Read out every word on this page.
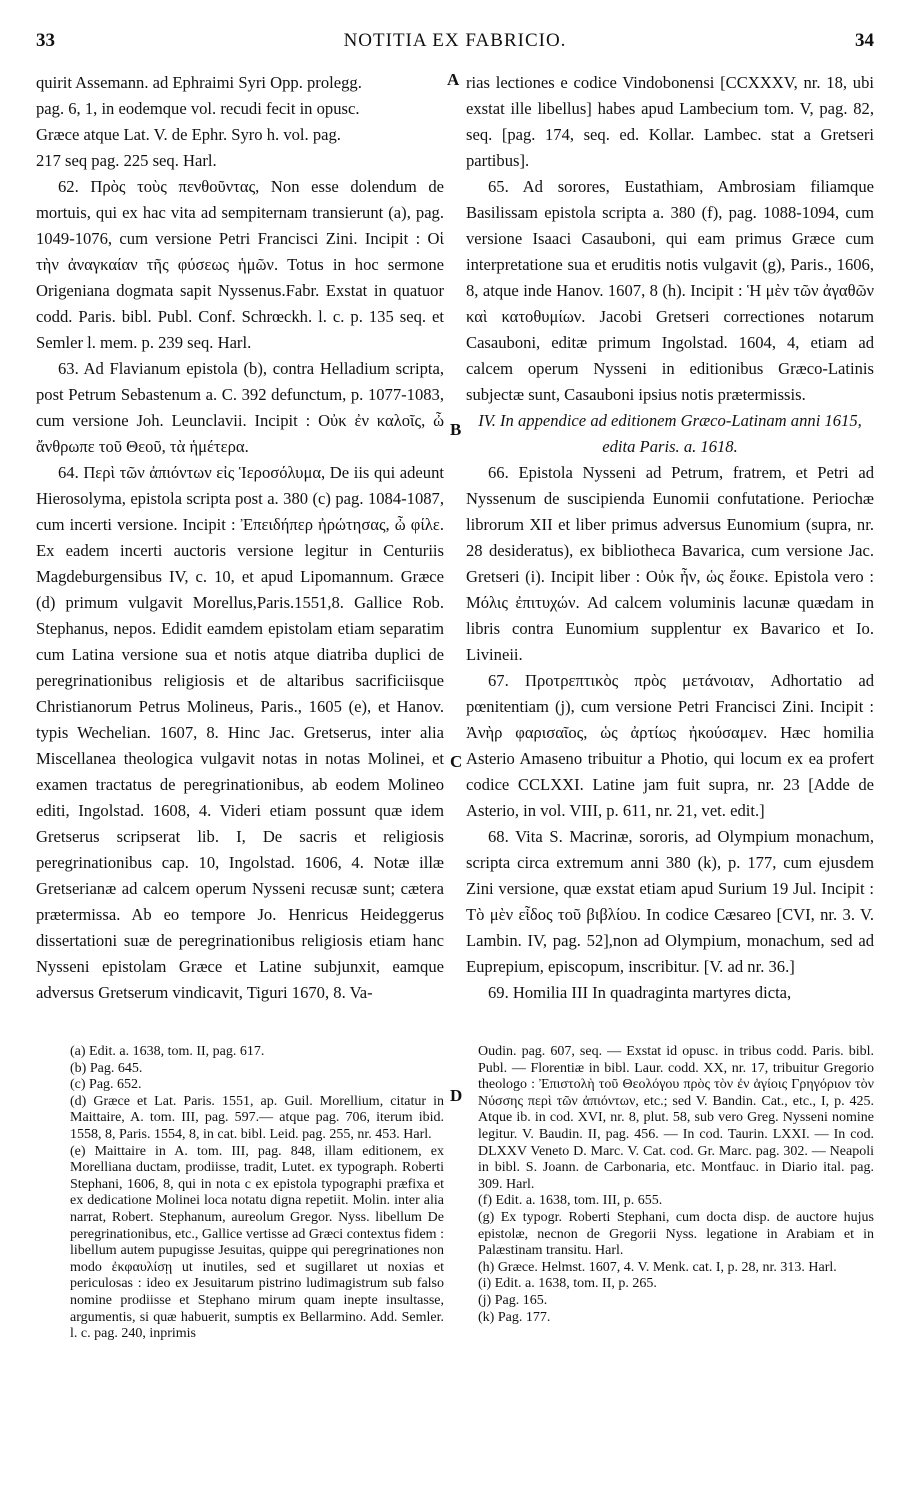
33	NOTITIA EX FABRICIO.	34
A
B
C
D

quirit Assemann. ad Ephraimi Syri Opp. prolegg.

pag. 6, 1, in eodemque vol. recudi fecit in opusc.

Græce atque Lat. V. de Ephr. Syro h. vol. pag.

217 seq pag. 225 seq. Harl.

62. Πρὸς τοὺς πενθοῦντας, Non esse dolendum de mortuis, qui ex hac vita ad sempiternam transierunt (a), pag. 1049-1076, cum versione Petri Francisci Zini. Incipit : Οἱ τὴν ἀναγκαίαν τῆς φύσεως ἡμῶν. Totus in hoc sermone Origeniana dogmata sapit Nyssenus.Fabr. Exstat in quatuor codd. Paris. bibl. Publ. Conf. Schrœckh. l. c. p. 135 seq. et Semler l. mem. p. 239 seq. Harl.

63. Ad Flavianum epistola (b), contra Helladium scripta, post Petrum Sebastenum a. C. 392 defunctum, p. 1077-1083, cum versione Joh. Leunclavii. Incipit : Οὐκ ἐν καλοῖς, ὦ ἄνθρωπε τοῦ Θεοῦ, τὰ ἡμέτερα.

64. Περὶ τῶν ἀπιόντων εἰς Ἱεροσόλυμα, De iis qui adeunt Hierosolyma, epistola scripta post a. 380 (c) pag. 1084-1087, cum incerti versione. Incipit : Ἐπειδήπερ ἠρώτησας, ὦ φίλε. Ex eadem incerti auctoris versione legitur in Centuriis Magdeburgensibus IV, c. 10, et apud Lipomannum. Græce (d) primum vulgavit Morellus,Paris.1551,8. Gallice Rob. Stephanus, nepos. Edidit eamdem epistolam etiam separatim cum Latina versione sua et notis atque diatriba duplici de peregrinationibus religiosis et de altaribus sacrificiisque Christianorum Petrus Molineus, Paris., 1605 (e), et Hanov. typis Wechelian. 1607, 8. Hinc Jac. Gretserus, inter alia Miscellanea theologica vulgavit notas in notas Molinei, et examen tractatus de peregrinationibus, ab eodem Molineo editi, Ingolstad. 1608, 4. Videri etiam possunt quæ idem Gretserus scripserat lib. I, De sacris et religiosis peregrinationibus cap. 10, Ingolstad. 1606, 4. Notæ illæ Gretserianæ ad calcem operum Nysseni recusæ sunt; cætera prætermissa. Ab eo tempore Jo. Henricus Heideggerus dissertationi suæ de peregrinationibus religiosis etiam hanc Nysseni epistolam Græce et Latine subjunxit, eamque adversus Gretserum vindicavit, Tiguri 1670, 8. Va-

rias lectiones e codice Vindobonensi [CCXXXV, nr. 18, ubi exstat ille libellus] habes apud Lambecium tom. V, pag. 82, seq. [pag. 174, seq. ed. Kollar. Lambec. stat a Gretseri partibus].

65. Ad sorores, Eustathiam, Ambrosiam filiamque Basilissam epistola scripta a. 380 (f), pag. 1088-1094, cum versione Isaaci Casauboni, qui eam primus Græce cum interpretatione sua et eruditis notis vulgavit (g), Paris., 1606, 8, atque inde Hanov. 1607, 8 (h). Incipit : Ἡ μὲν τῶν ἀγαθῶν καὶ κατοθυμίων. Jacobi Gretseri correctiones notarum Casauboni, editæ primum Ingolstad. 1604, 4, etiam ad calcem operum Nysseni in editionibus Græco-Latinis subjectæ sunt, Casauboni ipsius notis prætermissis.

IV. In appendice ad editionem Græco-Latinam anni 1615, edita Paris. a. 1618.

66. Epistola Nysseni ad Petrum, fratrem, et Petri ad Nyssenum de suscipienda Eunomii confutatione. Periochæ librorum XII et liber primus adversus Eunomium (supra, nr. 28 desideratus), ex bibliotheca Bavarica, cum versione Jac. Gretseri (i). Incipit liber : Οὐκ ἦν, ὡς ἔοικε. Epistola vero : Μόλις ἐπιτυχών. Ad calcem voluminis lacunæ quædam in libris contra Eunomium supplentur ex Bavarico et Io. Livineii.

67. Προτρεπτικὸς πρὸς μετάνοιαν, Adhortatio ad pœnitentiam (j), cum versione Petri Francisci Zini. Incipit : Ἀνὴρ φαρισαῖος, ὡς ἀρτίως ἠκούσαμεν. Hæc homilia Asterio Amaseno tribuitur a Photio, qui locum ex ea profert codice CCLXXI. Latine jam fuit supra, nr. 23 [Adde de Asterio, in vol. VIII, p. 611, nr. 21, vet. edit.]

68. Vita S. Macrinæ, sororis, ad Olympium monachum, scripta circa extremum anni 380 (k), p. 177, cum ejusdem Zini versione, quæ exstat etiam apud Surium 19 Jul. Incipit : Τὸ μὲν εἶδος τοῦ βιβλίου. In codice Cæsareo [CVI, nr. 3. V. Lambin. IV, pag. 52],non ad Olympium, monachum, sed ad Euprepium, episcopum, inscribitur. [V. ad nr. 36.]

69. Homilia III In quadraginta martyres dicta,

(a) Edit. a. 1638, tom. II, pag. 617.

(b) Pag. 645.

(c) Pag. 652.

(d) Græce et Lat. Paris. 1551, ap. Guil. Morellium, citatur in Maittaire, A. tom. III, pag. 597.— atque pag. 706, iterum ibid. 1558, 8, Paris. 1554, 8, in cat. bibl. Leid. pag. 255, nr. 453. Harl.

(e) Maittaire in A. tom. III, pag. 848, illam editionem, ex Morelliana ductam, prodiisse, tradit, Lutet. ex typograph. Roberti Stephani, 1606, 8, qui in nota c ex epistola typographi præfixa et ex dedicatione Molinei loca notatu digna repetiit. Molin. inter alia narrat, Robert. Stephanum, aureolum Gregor. Nyss. libellum De peregrinationibus, etc., Gallice vertisse ad Græci contextus fidem : libellum autem pupugisse Jesuitas, quippe qui peregrinationes non modo ἐκφαυλίσῃ ut inutiles, sed et sugillaret ut noxias et periculosas : ideo ex Jesuitarum pistrino ludimagistrum sub falso nomine prodiisse et Stephano mirum quam inepte insultasse, argumentis, si quæ habuerit, sumptis ex Bellarmino. Add. Semler. l. c. pag. 240, inprimis

Oudin. pag. 607, seq. — Exstat id opusc. in tribus codd. Paris. bibl. Publ. — Florentiæ in bibl. Laur. codd. XX, nr. 17, tribuitur Gregorio theologo : Ἐπιστολὴ τοῦ Θεολόγου πρὸς τὸν ἐν ἁγίοις Γρηγόριον τὸν Νύσσης περὶ τῶν ἀπιόντων, etc.; sed V. Bandin. Cat., etc., I, p. 425. Atque ib. in cod. XVI, nr. 8, plut. 58, sub vero Greg. Nysseni nomine legitur. V. Baudin. II, pag. 456. — In cod. Taurin. LXXI. — In cod. DLXXV Veneto D. Marc. V. Cat. cod. Gr. Marc. pag. 302. — Neapoli in bibl. S. Joann. de Carbonaria, etc. Montfauc. in Diario ital. pag. 309. Harl.

(f) Edit. a. 1638, tom. III, p. 655.

(g) Ex typogr. Roberti Stephani, cum docta disp. de auctore hujus epistolæ, necnon de Gregorii Nyss. legatione in Arabiam et in Palæstinam transitu. Harl.

(h) Græce. Helmst. 1607, 4. V. Menk. cat. I, p. 28, nr. 313. Harl.

(i) Edit. a. 1638, tom. II, p. 265.

(j) Pag. 165.

(k) Pag. 177.
